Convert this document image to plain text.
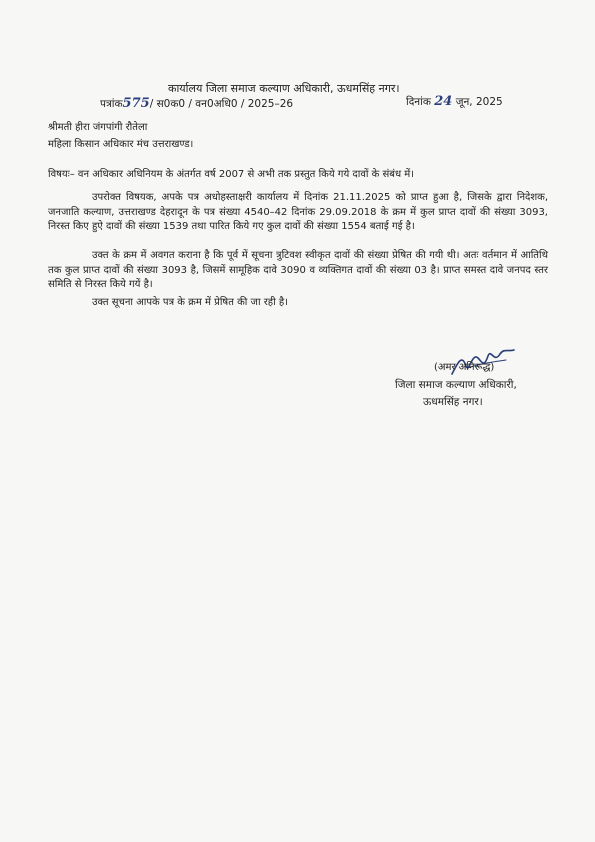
कार्यालय जिला समाज कल्याण अधिकारी, ऊधमसिंह नगर।
पत्रांक575/ स0क0 / वन0अधि0 / 2025–26	दिनांक 24 जून, 2025
श्रीमती हीरा जंगपांगी रौतेला
महिला किसान अधिकार मंच उत्तराखण्ड।
विषयः– वन अधिकार अधिनियम के अंतर्गत वर्ष 2007 से अभी तक प्रस्तुत किये गये दावों के संबंध में।
उपरोक्त विषयक, अपके पत्र अधोहस्ताक्षरी कार्यालय में दिनांक 21.11.2025 को प्राप्त हुआ है, जिसके द्वारा निदेशक, जनजाति कल्याण, उत्तराखण्ड देहरादून के पत्र संख्या 4540–42 दिनांक 29.09.2018 के क्रम में कुल प्राप्त दावों की संख्या 3093, निरस्त किए हुऐ दावों की संख्या 1539 तथा पारित किये गए कुल दावों की संख्या 1554 बताई गई है।
उक्त के क्रम में अवगत कराना है कि पूर्व में सूचना त्रुटिवश स्वीकृत दावों की संख्या प्रेषित की गयी थी। अतः वर्तमान में आतिथि तक कुल प्राप्त दावों की संख्या 3093 है, जिसमें सामूहिक दावे 3090 व व्यक्तिगत दावों की संख्या 03 है। प्राप्त समस्त दावे जनपद स्तर समिति से निरस्त किये गयें है।
उक्त सूचना आपके पत्र के क्रम में प्रेषित की जा रही है।
(अमर अनिरूद्ध)
जिला समाज कल्याण अधिकारी,
ऊधमसिंह नगर।
